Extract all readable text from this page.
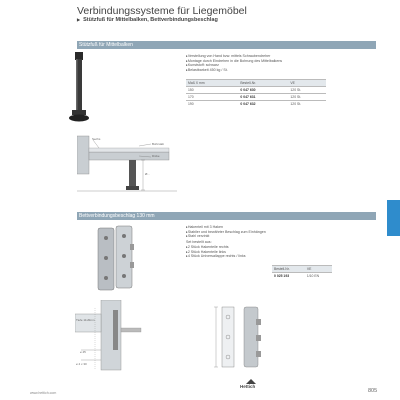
Verbindungssysteme für Liegemöbel
▶ Stützfuß für Mittelbalken, Bettverbindungsbeschlag
Stützfuß für Mittelbalken
▸ Verstellung von Hand bzw. mittels Schraubendreher
▸ Montage durch Eindrehen in die Bohrung des Mittelbalkens
▸ Kunststoff: schwarz
▸ Belastbarkeit 450 kg / St.
Maß X mm	Bestell-Nr.	VE
150	0 047 630	120 St.
170	0 047 631	120 St.
190	0 047 632	120 St.
Sechs
Bohrstab
Dicke
Ø...
Bettverbindungsbeschlag 130 mm
▸ Hakenteil mit 3 Haken
▸ Stabiler und bewährter Beschlag zum Einhängen
▸ Stahl verzinkt
Set bestellt aus:
▸ 2 Stück Hakenteile rechts
▸ 2 Stück Hakenteile links
▸ 4 Stück Universallappe rechts / links
Bestell-Nr.	VE
0 025 193	1/10 EN
Tiefe 11x8mm
≥ 45
≥ 4 x 30
www.hettich.com
Hettich
805
